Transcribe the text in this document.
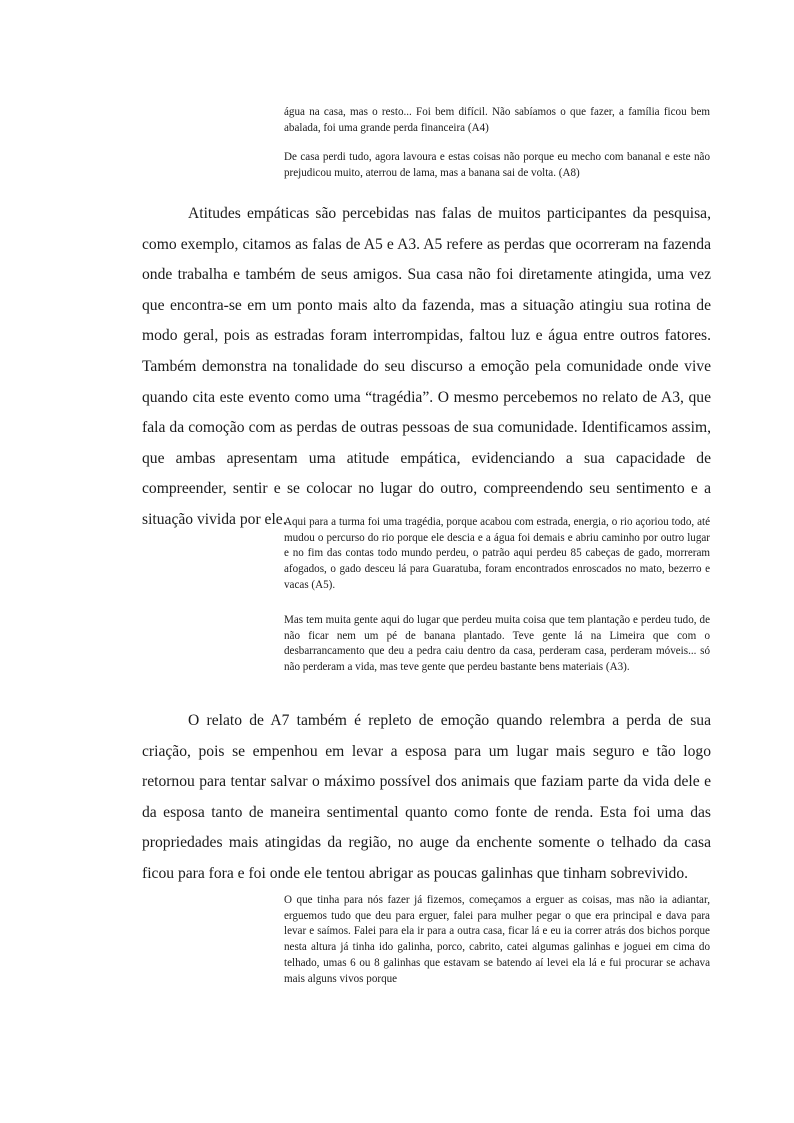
água na casa, mas o resto... Foi bem difícil. Não sabíamos o que fazer, a família ficou bem abalada, foi uma grande perda financeira (A4)

De casa perdi tudo, agora lavoura e estas coisas não porque eu mecho com bananal e este não prejudicou muito, aterrou de lama, mas a banana sai de volta. (A8)

Atitudes empáticas são percebidas nas falas de muitos participantes da pesquisa, como exemplo, citamos as falas de A5 e A3. A5 refere as perdas que ocorreram na fazenda onde trabalha e também de seus amigos. Sua casa não foi diretamente atingida, uma vez que encontra-se em um ponto mais alto da fazenda, mas a situação atingiu sua rotina de modo geral, pois as estradas foram interrompidas, faltou luz e água entre outros fatores. Também demonstra na tonalidade do seu discurso a emoção pela comunidade onde vive quando cita este evento como uma “tragédia”. O mesmo percebemos no relato de A3, que fala da comoção com as perdas de outras pessoas de sua comunidade. Identificamos assim, que ambas apresentam uma atitude empática, evidenciando a sua capacidade de compreender, sentir e se colocar no lugar do outro, compreendendo seu sentimento e a situação vivida por ele.

Aqui para a turma foi uma tragédia, porque acabou com estrada, energia, o rio açoriou todo, até mudou o percurso do rio porque ele descia e a água foi demais e abriu caminho por outro lugar e no fim das contas todo mundo perdeu, o patrão aqui perdeu 85 cabeças de gado, morreram afogados, o gado desceu lá para Guaratuba, foram encontrados enroscados no mato, bezerro e vacas (A5).

Mas tem muita gente aqui do lugar que perdeu muita coisa que tem plantação e perdeu tudo, de não ficar nem um pé de banana plantado. Teve gente lá na Limeira que com o desbarrancamento que deu a pedra caiu dentro da casa, perderam casa, perderam móveis... só não perderam a vida, mas teve gente que perdeu bastante bens materiais (A3).

O relato de A7 também é repleto de emoção quando relembra a perda de sua criação, pois se empenhou em levar a esposa para um lugar mais seguro e tão logo retornou para tentar salvar o máximo possível dos animais que faziam parte da vida dele e da esposa tanto de maneira sentimental quanto como fonte de renda. Esta foi uma das propriedades mais atingidas da região, no auge da enchente somente o telhado da casa ficou para fora e foi onde ele tentou abrigar as poucas galinhas que tinham sobrevivido.

O que tinha para nós fazer já fizemos, começamos a erguer as coisas, mas não ia adiantar, erguemos tudo que deu para erguer, falei para mulher pegar o que era principal e dava para levar e saímos. Falei para ela ir para a outra casa, ficar lá e eu ia correr atrás dos bichos porque nesta altura já tinha ido galinha, porco, cabrito, catei algumas galinhas e joguei em cima do telhado, umas 6 ou 8 galinhas que estavam se batendo aí levei ela lá e fui procurar se achava mais alguns vivos porque
